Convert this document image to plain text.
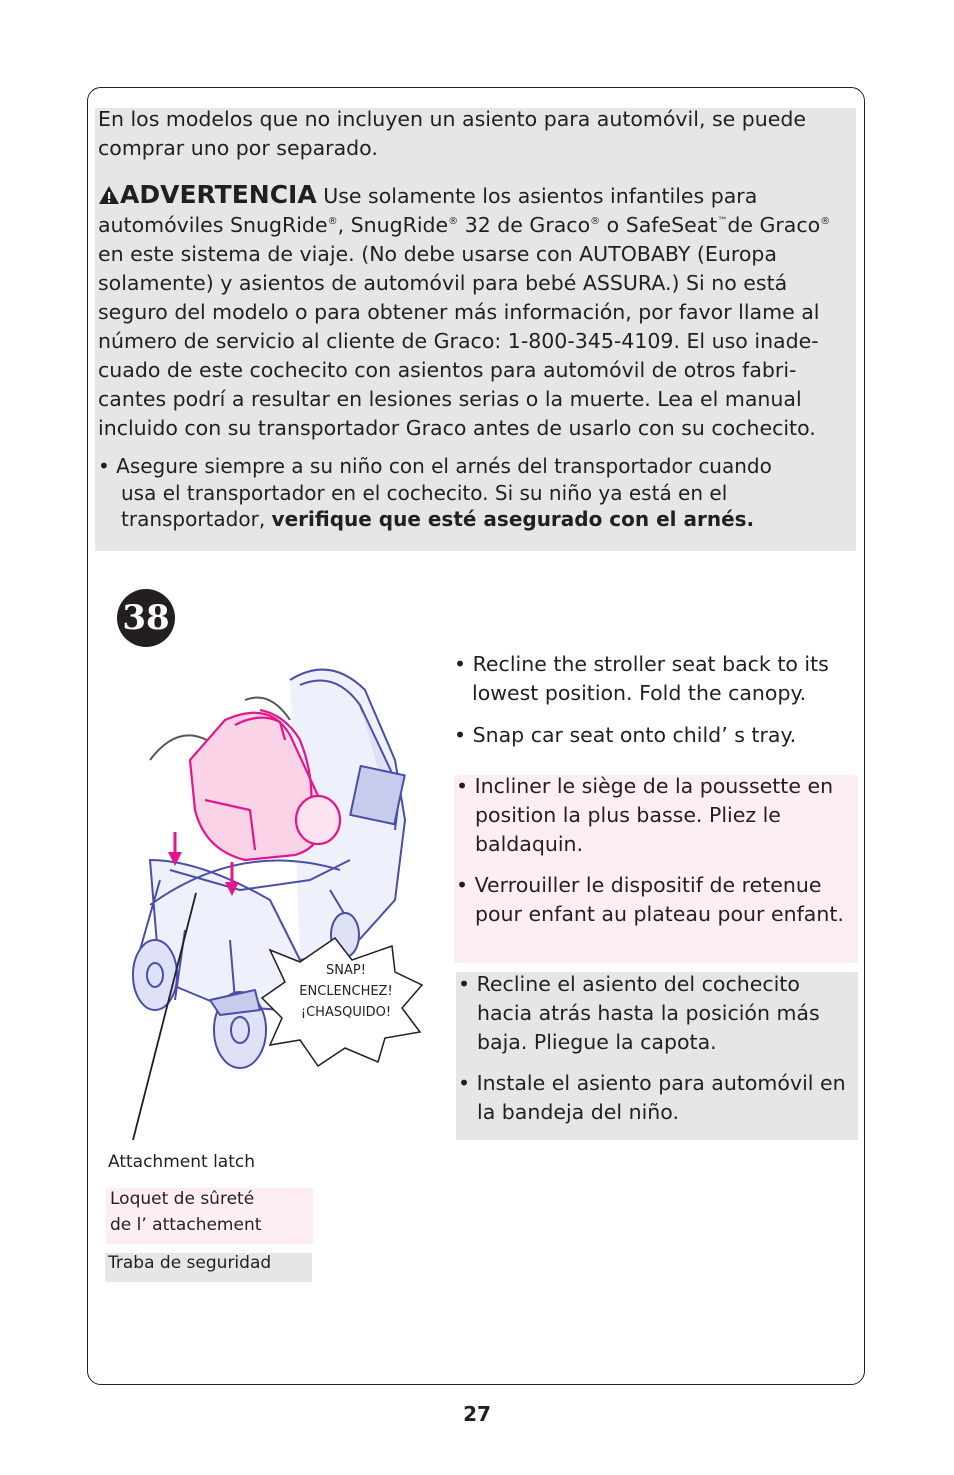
En los modelos que no incluyen un asiento para automóvil, se puede comprar uno por separado.

ADVERTENCIA Use solamente los asientos infantiles para automóviles SnugRide®, SnugRide® 32 de Graco® o SafeSeat™de Graco® en este sistema de viaje. (No debe usarse con AUTOBABY (Europa solamente) y asientos de automóvil para bebé ASSURA.) Si no está seguro del modelo o para obtener más información, por favor llame al número de servicio al cliente de Graco: 1-800-345-4109. El uso inade- cuado de este cochecito con asientos para automóvil de otros fabri- cantes podrí a resultar en lesiones serias o la muerte. Lea el manual incluido con su transportador Graco antes de usarlo con su cochecito.

• Asegure siempre a su niño con el arnés del transportador cuando
usa el transportador en el cochecito. Si su niño ya está en el
transportador, verifique que esté asegurado con el arnés.

38

• Recline the stroller seat back to its lowest position. Fold the canopy.
• Snap car seat onto child’ s tray.

• Incliner le siège de la poussette en position la plus basse. Pliez le baldaquin.
• Verrouiller le dispositif de retenue pour enfant au plateau pour enfant.

• Recline el asiento del cochecito hacia atrás hasta la posición más baja. Pliegue la capota.
• Instale el asiento para automóvil en la bandeja del niño.

SNAP!
ENCLENCHEZ!
¡CHASQUIDO!
Attachment latch
Loquet de sûreté
de l’ attachement
Traba de seguridad
27
